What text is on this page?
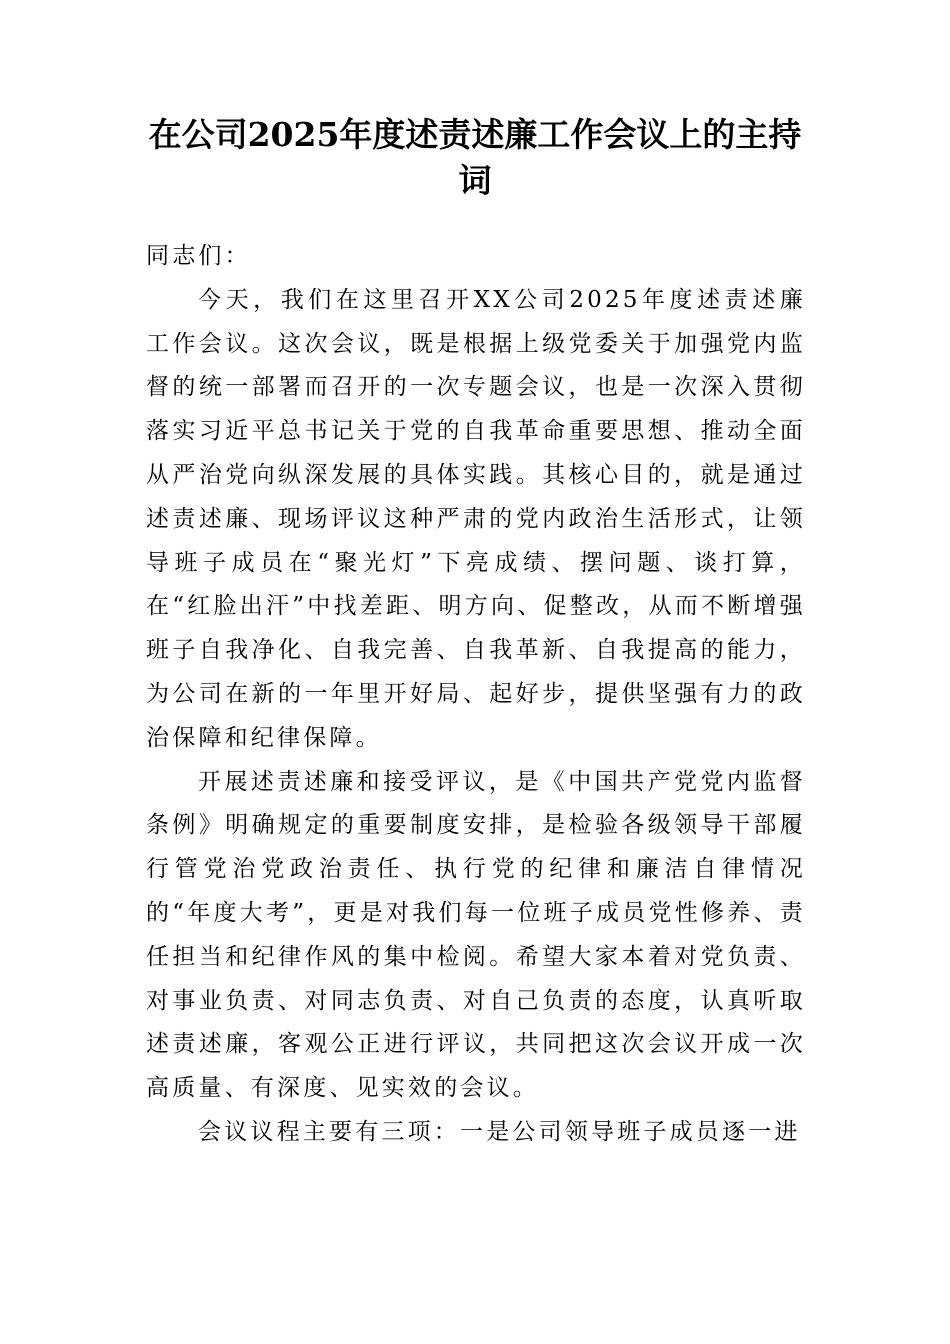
在公司2025年度述责述廉工作会议上的主持词

同志们：

今天，我们在这里召开XX公司2025年度述责述廉工作会议。这次会议，既是根据上级党委关于加强党内监督的统一部署而召开的一次专题会议，也是一次深入贯彻落实习近平总书记关于党的自我革命重要思想、推动全面从严治党向纵深发展的具体实践。其核心目的，就是通过述责述廉、现场评议这种严肃的党内政治生活形式，让领导班子成员在“聚光灯”下亮成绩、摆问题、谈打算，在“红脸出汗”中找差距、明方向、促整改，从而不断增强班子自我净化、自我完善、自我革新、自我提高的能力，为公司在新的一年里开好局、起好步，提供坚强有力的政治保障和纪律保障。

开展述责述廉和接受评议，是《中国共产党党内监督条例》明确规定的重要制度安排，是检验各级领导干部履行管党治党政治责任、执行党的纪律和廉洁自律情况的“年度大考”，更是对我们每一位班子成员党性修养、责任担当和纪律作风的集中检阅。希望大家本着对党负责、对事业负责、对同志负责、对自己负责的态度，认真听取述责述廉，客观公正进行评议，共同把这次会议开成一次高质量、有深度、见实效的会议。

会议议程主要有三项：一是公司领导班子成员逐一进
